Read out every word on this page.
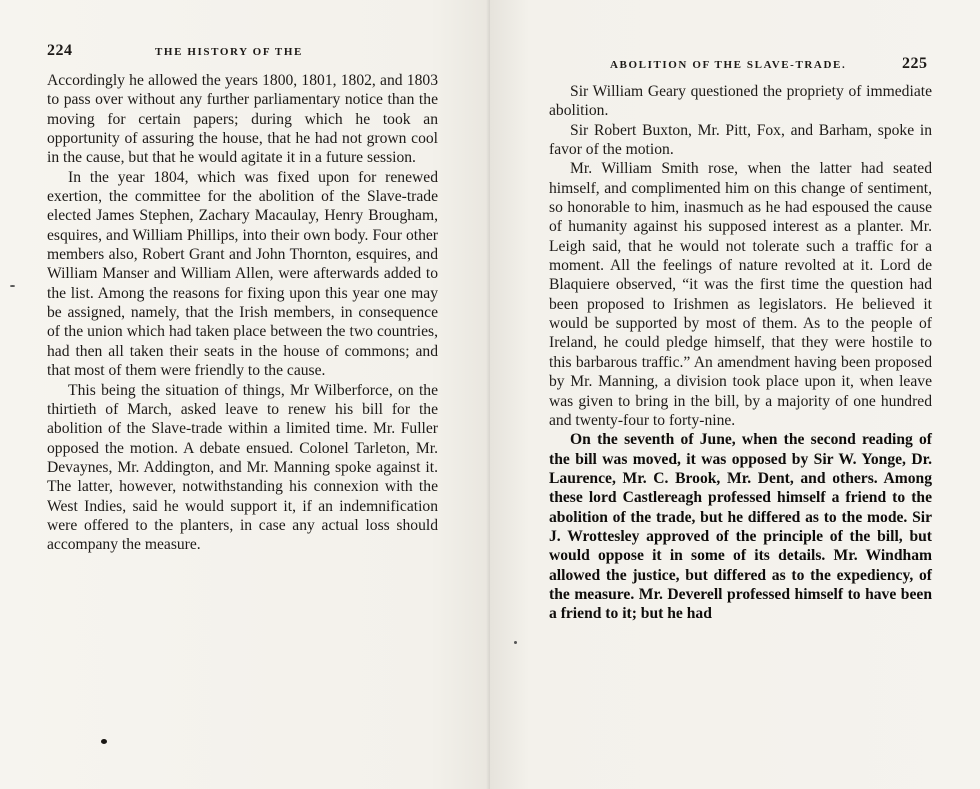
224	THE HISTORY OF THE

Accordingly he allowed the years 1800, 1801, 1802, and 1803 to pass over without any further parliamentary notice than the moving for certain papers; during which he took an opportunity of assuring the house, that he had not grown cool in the cause, but that he would agitate it in a future session.

In the year 1804, which was fixed upon for renewed exertion, the committee for the abolition of the Slave-trade elected James Stephen, Zachary Macaulay, Henry Brougham, esquires, and William Phillips, into their own body. Four other members also, Robert Grant and John Thornton, esquires, and William Manser and William Allen, were afterwards added to the list. Among the reasons for fixing upon this year one may be assigned, namely, that the Irish members, in consequence of the union which had taken place between the two countries, had then all taken their seats in the house of commons; and that most of them were friendly to the cause.

This being the situation of things, Mr Wilberforce, on the thirtieth of March, asked leave to renew his bill for the abolition of the Slave-trade within a limited time. Mr. Fuller opposed the motion. A debate ensued. Colonel Tarleton, Mr. Devaynes, Mr. Addington, and Mr. Manning spoke against it. The latter, however, notwithstanding his connexion with the West Indies, said he would support it, if an indemnification were offered to the planters, in case any actual loss should accompany the measure.

ABOLITION OF THE SLAVE-TRADE.	225

Sir William Geary questioned the propriety of immediate abolition.

Sir Robert Buxton, Mr. Pitt, Fox, and Barham, spoke in favor of the motion.

Mr. William Smith rose, when the latter had seated himself, and complimented him on this change of sentiment, so honorable to him, inasmuch as he had espoused the cause of humanity against his supposed interest as a planter. Mr. Leigh said, that he would not tolerate such a traffic for a moment. All the feelings of nature revolted at it. Lord de Blaquiere observed, “it was the first time the question had been proposed to Irishmen as legislators. He believed it would be supported by most of them. As to the people of Ireland, he could pledge himself, that they were hostile to this barbarous traffic.” An amendment having been proposed by Mr. Manning, a division took place upon it, when leave was given to bring in the bill, by a majority of one hundred and twenty-four to forty-nine.

On the seventh of June, when the second reading of the bill was moved, it was opposed by Sir W. Yonge, Dr. Laurence, Mr. C. Brook, Mr. Dent, and others. Among these lord Castlereagh professed himself a friend to the abolition of the trade, but he differed as to the mode. Sir J. Wrottesley approved of the principle of the bill, but would oppose it in some of its details. Mr. Windham allowed the justice, but differed as to the expediency, of the measure. Mr. Deverell professed himself to have been a friend to it; but he had
